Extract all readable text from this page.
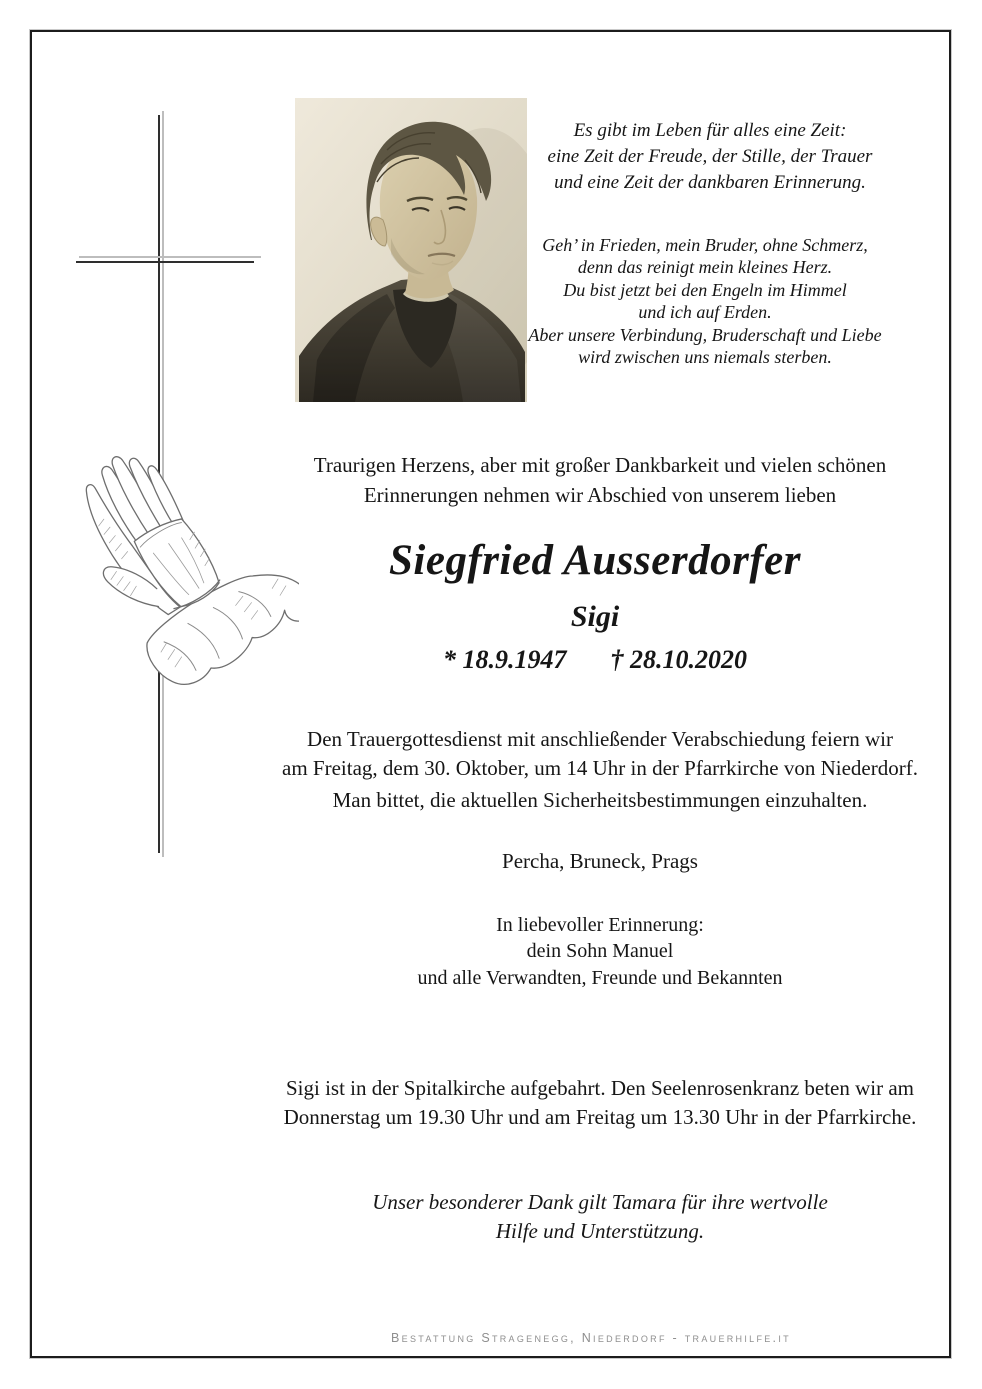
Es gibt im Leben für alles eine Zeit:
eine Zeit der Freude, der Stille, der Trauer
und eine Zeit der dankbaren Erinnerung.
Geh’ in Frieden, mein Bruder, ohne Schmerz,
denn das reinigt mein kleines Herz.
Du bist jetzt bei den Engeln im Himmel
und ich auf Erden.
Aber unsere Verbindung, Bruderschaft und Liebe
wird zwischen uns niemals sterben.
Traurigen Herzens, aber mit großer Dankbarkeit und vielen schönen
Erinnerungen nehmen wir Abschied von unserem lieben
Siegfried Ausserdorfer
Sigi
* 18.9.1947 † 28.10.2020
Den Trauergottesdienst mit anschließender Verabschiedung feiern wir
am Freitag, dem 30. Oktober, um 14 Uhr in der Pfarrkirche von Niederdorf.
Man bittet, die aktuellen Sicherheitsbestimmungen einzuhalten.
Percha, Bruneck, Prags
In liebevoller Erinnerung:
dein Sohn Manuel
und alle Verwandten, Freunde und Bekannten
Sigi ist in der Spitalkirche aufgebahrt. Den Seelenrosenkranz beten wir am
Donnerstag um 19.30 Uhr und am Freitag um 13.30 Uhr in der Pfarrkirche.
Unser besonderer Dank gilt Tamara für ihre wertvolle
Hilfe und Unterstützung.
Bestattung Stragenegg, Niederdorf - trauerhilfe.it
